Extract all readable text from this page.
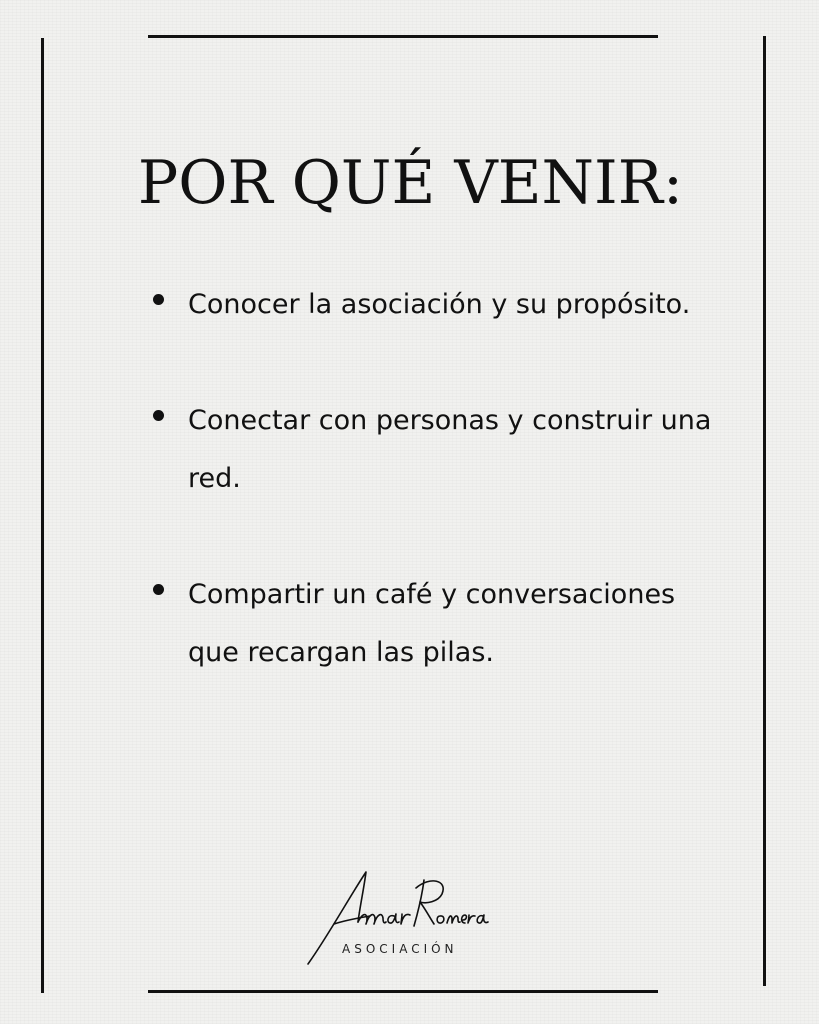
POR QUÉ VENIR:
Conocer la asociación y su propósito.
Conectar con personas y construir una red.
Compartir un café y conversaciones que recargan las pilas.
ASOCIACIÓN
